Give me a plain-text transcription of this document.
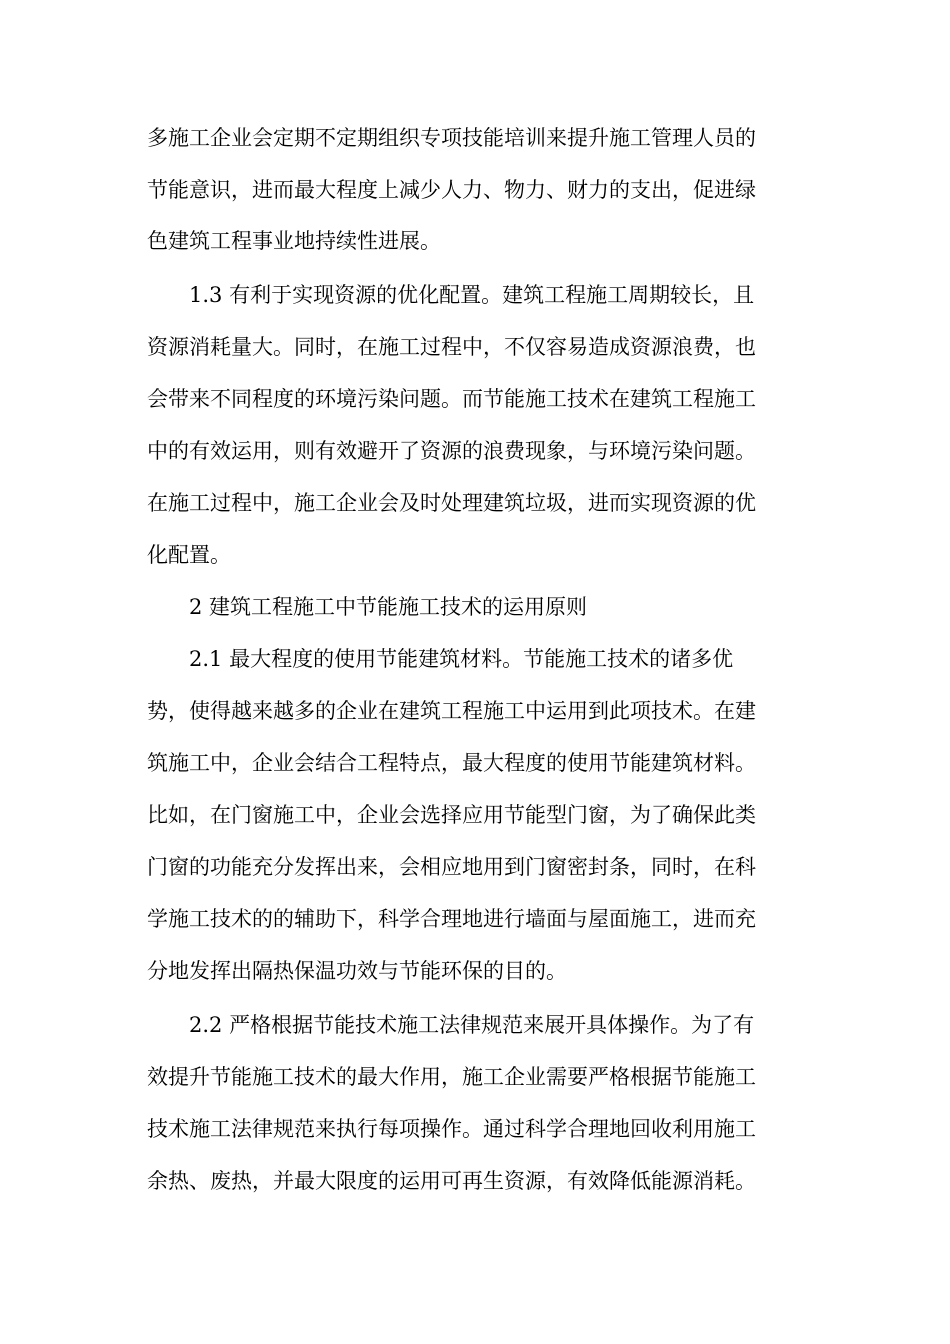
多施工企业会定期不定期组织专项技能培训来提升施工管理人员的
节能意识，进而最大程度上减少人力、物力、财力的支出，促进绿
色建筑工程事业地持续性进展。
1.3 有利于实现资源的优化配置。建筑工程施工周期较长，且
资源消耗量大。同时，在施工过程中，不仅容易造成资源浪费，也
会带来不同程度的环境污染问题。而节能施工技术在建筑工程施工
中的有效运用，则有效避开了资源的浪费现象，与环境污染问题。
在施工过程中，施工企业会及时处理建筑垃圾，进而实现资源的优
化配置。
2 建筑工程施工中节能施工技术的运用原则
2.1 最大程度的使用节能建筑材料。节能施工技术的诸多优
势，使得越来越多的企业在建筑工程施工中运用到此项技术。在建
筑施工中，企业会结合工程特点，最大程度的使用节能建筑材料。
比如，在门窗施工中，企业会选择应用节能型门窗，为了确保此类
门窗的功能充分发挥出来，会相应地用到门窗密封条，同时，在科
学施工技术的的辅助下，科学合理地进行墙面与屋面施工，进而充
分地发挥出隔热保温功效与节能环保的目的。
2.2 严格根据节能技术施工法律规范来展开具体操作。为了有
效提升节能施工技术的最大作用，施工企业需要严格根据节能施工
技术施工法律规范来执行每项操作。通过科学合理地回收利用施工
余热、废热，并最大限度的运用可再生资源，有效降低能源消耗。
